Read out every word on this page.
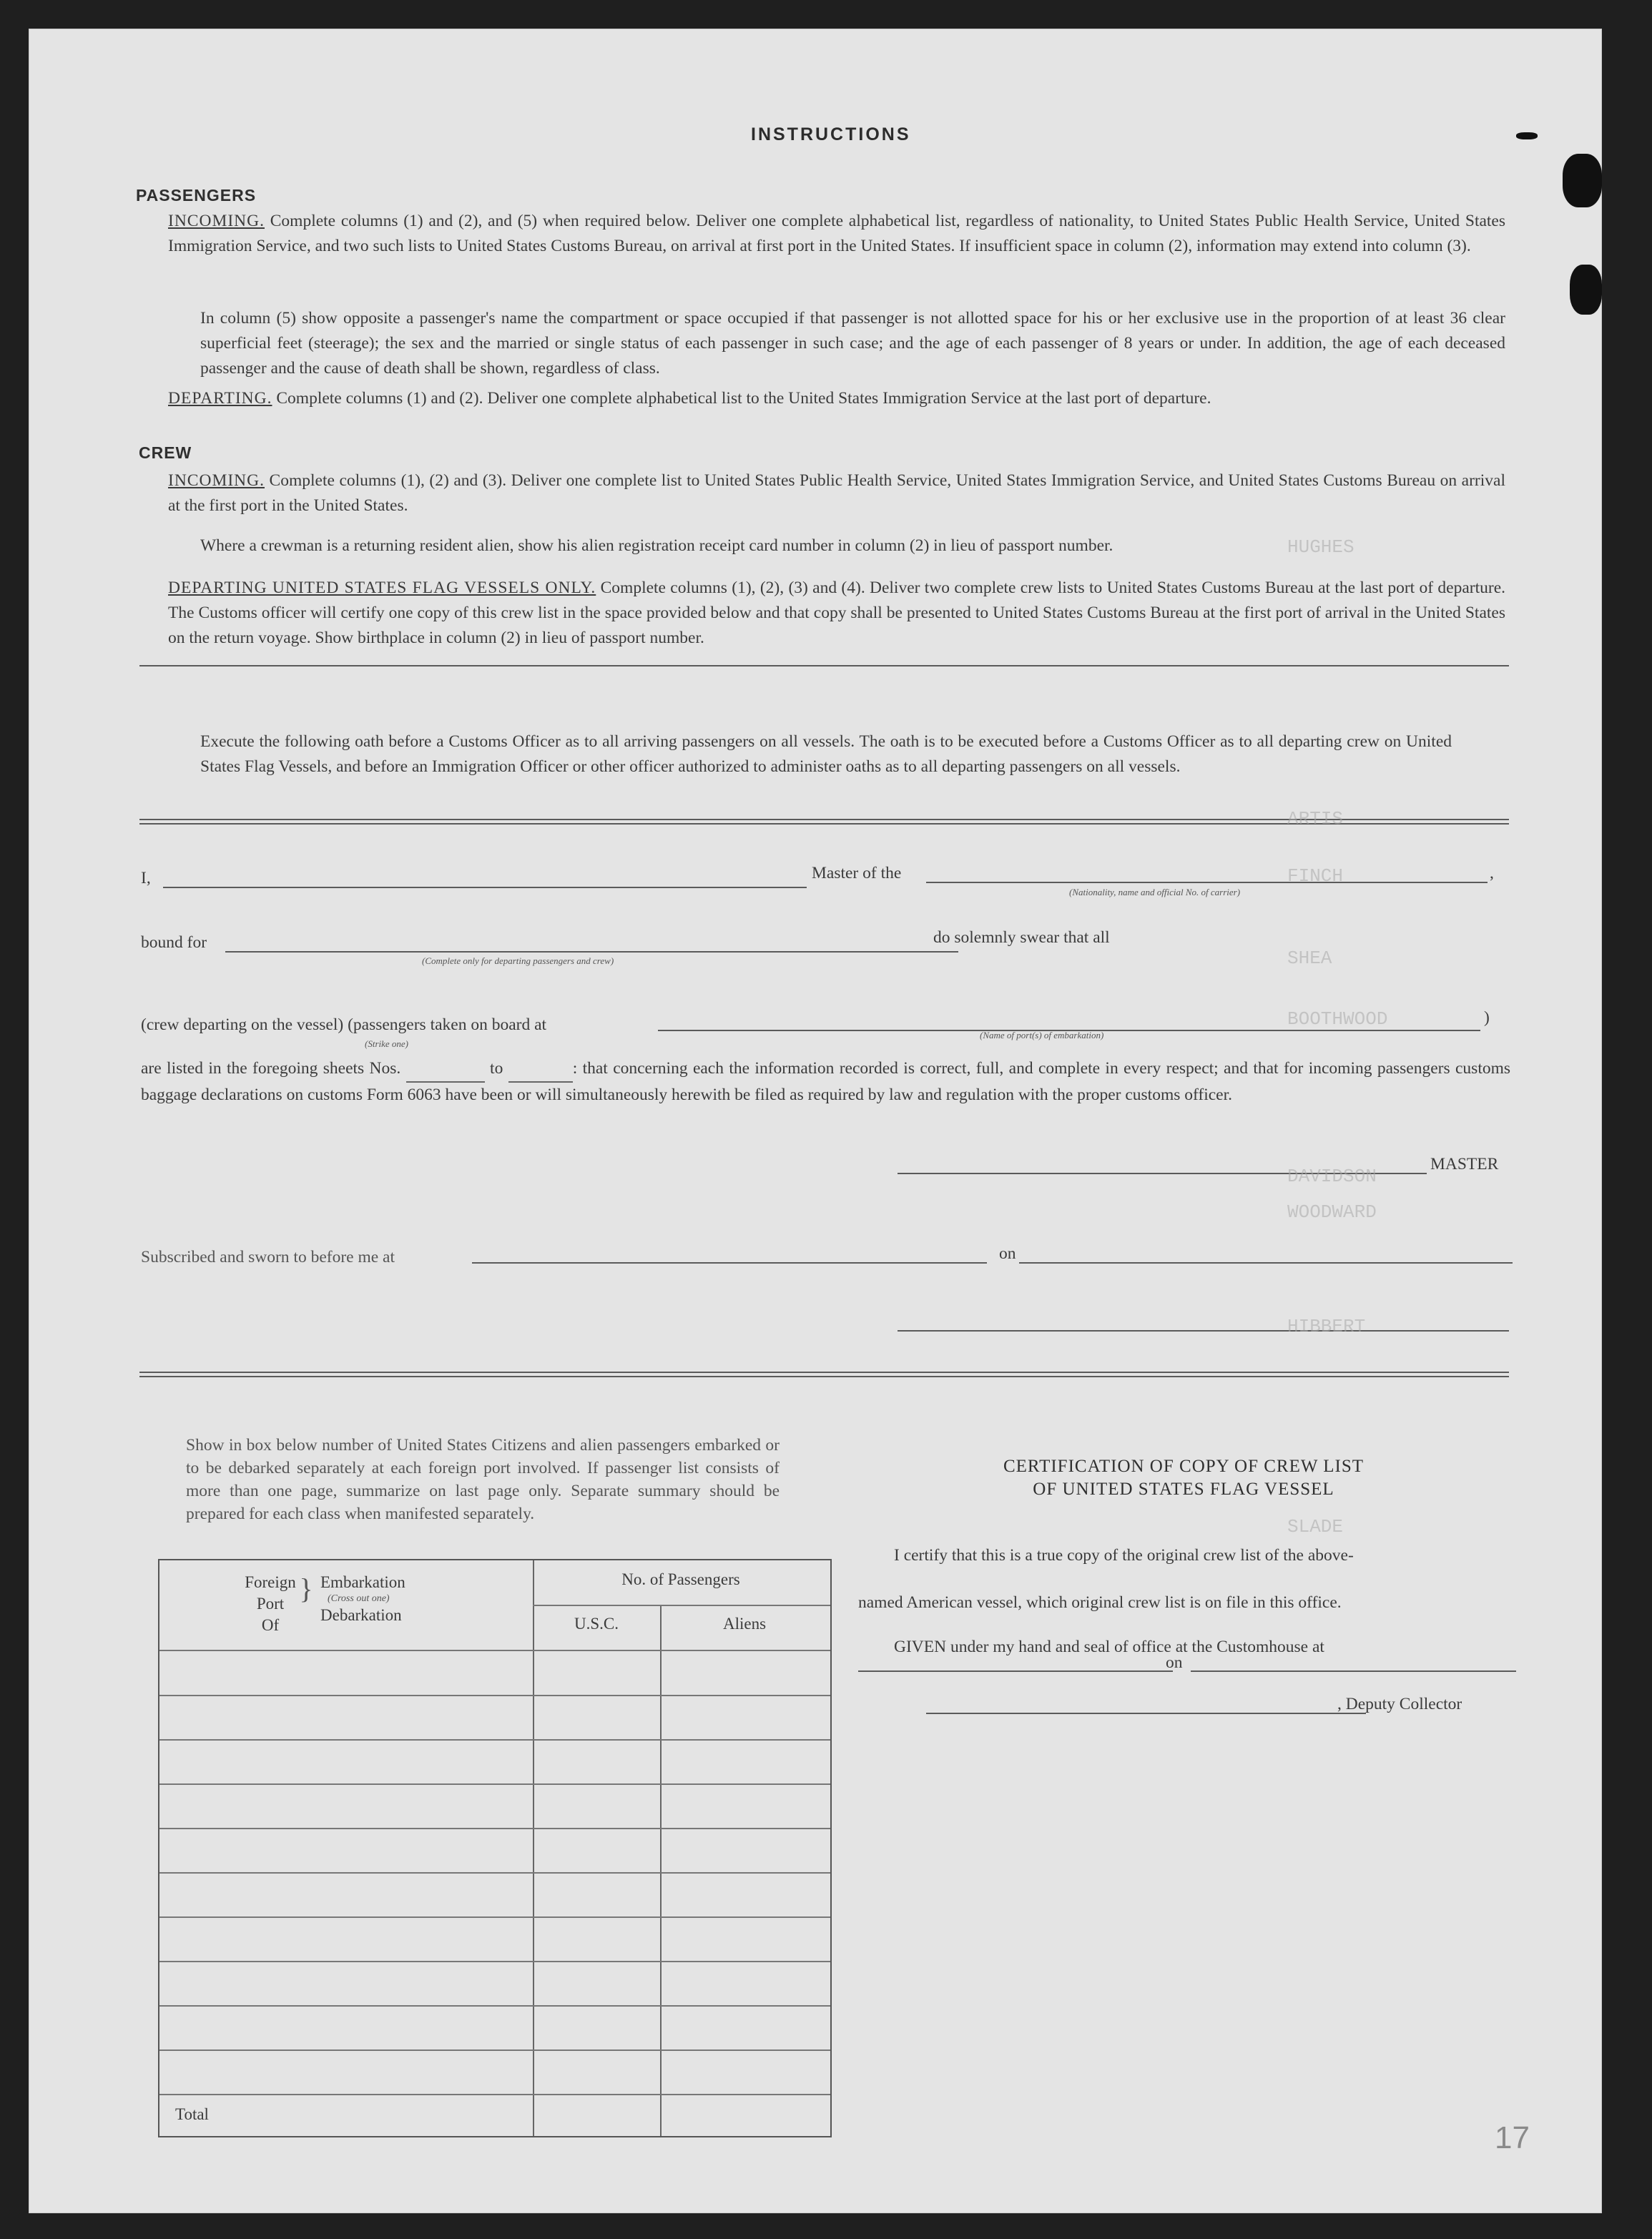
INSTRUCTIONS
PASSENGERS
INCOMING. Complete columns (1) and (2), and (5) when required below. Deliver one complete alphabetical list, regardless of nationality, to United States Public Health Service, United States Immigration Service, and two such lists to United States Customs Bureau, on arrival at first port in the United States. If insufficient space in column (2), information may extend into column (3).
In column (5) show opposite a passenger's name the compartment or space occupied if that passenger is not allotted space for his or her exclusive use in the proportion of at least 36 clear superficial feet (steerage); the sex and the married or single status of each passenger in such case; and the age of each passenger of 8 years or under. In addition, the age of each deceased passenger and the cause of death shall be shown, regardless of class.
DEPARTING. Complete columns (1) and (2). Deliver one complete alphabetical list to the United States Immigration Service at the last port of departure.
CREW
INCOMING. Complete columns (1), (2) and (3). Deliver one complete list to United States Public Health Service, United States Immigration Service, and United States Customs Bureau on arrival at the first port in the United States.
Where a crewman is a returning resident alien, show his alien registration receipt card number in column (2) in lieu of passport number.
DEPARTING UNITED STATES FLAG VESSELS ONLY. Complete columns (1), (2), (3) and (4). Deliver two complete crew lists to United States Customs Bureau at the last port of departure. The Customs officer will certify one copy of this crew list in the space provided below and that copy shall be presented to United States Customs Bureau at the first port of arrival in the United States on the return voyage. Show birthplace in column (2) in lieu of passport number.
Execute the following oath before a Customs Officer as to all arriving passengers on all vessels. The oath is to be executed before a Customs Officer as to all departing crew on United States Flag Vessels, and before an Immigration Officer or other officer authorized to administer oaths as to all departing passengers on all vessels.
I,	Master of the	,
(Nationality, name and official No. of carrier)
bound for
(Complete only for departing passengers and crew)
do solemnly swear that all
(crew departing on the vessel) (passengers taken on board at
(Strike one)
(Name of port(s) of embarkation)
)
are listed in the foregoing sheets Nos.	to	: that concerning each the information recorded is correct, full, and complete in every respect; and that for incoming passengers customs baggage declarations on customs Form 6063 have been or will simultaneously herewith be filed as required by law and regulation with the proper customs officer.
MASTER
Subscribed and sworn to before me at	on
Show in box below number of United States Citizens and alien passengers embarked or to be debarked separately at each foreign port involved. If passenger list consists of more than one page, summarize on last page only. Separate summary should be prepared for each class when manifested separately.
Foreign
Port
Of
} Embarkation
(Cross out one)
Debarkation
No. of Passengers
U.S.C.	Aliens
Total
CERTIFICATION OF COPY OF CREW LIST
OF UNITED STATES FLAG VESSEL
I certify that this is a true copy of the original crew list of the above-
named American vessel, which original crew list is on file in this office.
GIVEN under my hand and seal of office at the Customhouse at
on
, Deputy Collector
HUGHES
ARTIS
FINCH
SHEA
BOOTHWOOD
DAVIDSON
WOODWARD
HIBBERT
SLADE
17
